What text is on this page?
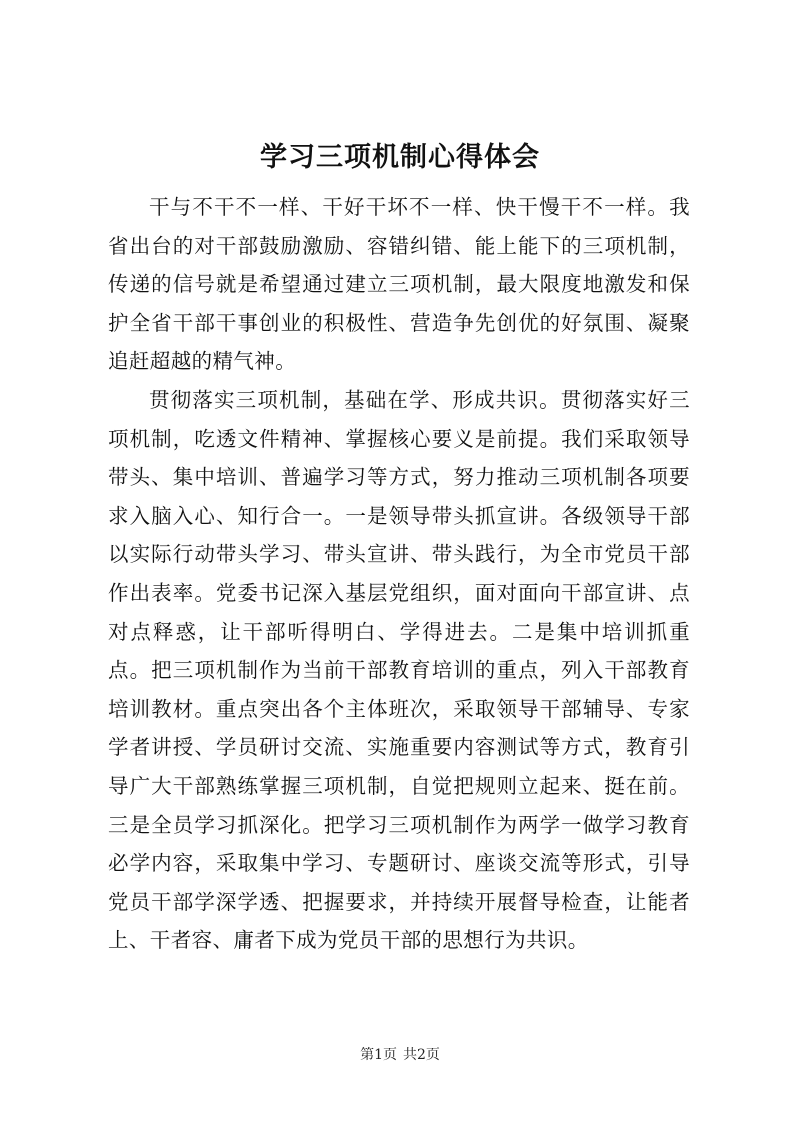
学习三项机制心得体会

干与不干不一样、干好干坏不一样、快干慢干不一样。我省出台的对干部鼓励激励、容错纠错、能上能下的三项机制，传递的信号就是希望通过建立三项机制，最大限度地激发和保护全省干部干事创业的积极性、营造争先创优的好氛围、凝聚追赶超越的精气神。

贯彻落实三项机制，基础在学、形成共识。贯彻落实好三项机制，吃透文件精神、掌握核心要义是前提。我们采取领导带头、集中培训、普遍学习等方式，努力推动三项机制各项要求入脑入心、知行合一。一是领导带头抓宣讲。各级领导干部以实际行动带头学习、带头宣讲、带头践行，为全市党员干部作出表率。党委书记深入基层党组织，面对面向干部宣讲、点对点释惑，让干部听得明白、学得进去。二是集中培训抓重点。把三项机制作为当前干部教育培训的重点，列入干部教育培训教材。重点突出各个主体班次，采取领导干部辅导、专家学者讲授、学员研讨交流、实施重要内容测试等方式，教育引导广大干部熟练掌握三项机制，自觉把规则立起来、挺在前。三是全员学习抓深化。把学习三项机制作为两学一做学习教育必学内容，采取集中学习、专题研讨、座谈交流等形式，引导党员干部学深学透、把握要求，并持续开展督导检查，让能者上、干者容、庸者下成为党员干部的思想行为共识。

第1页 共2页
